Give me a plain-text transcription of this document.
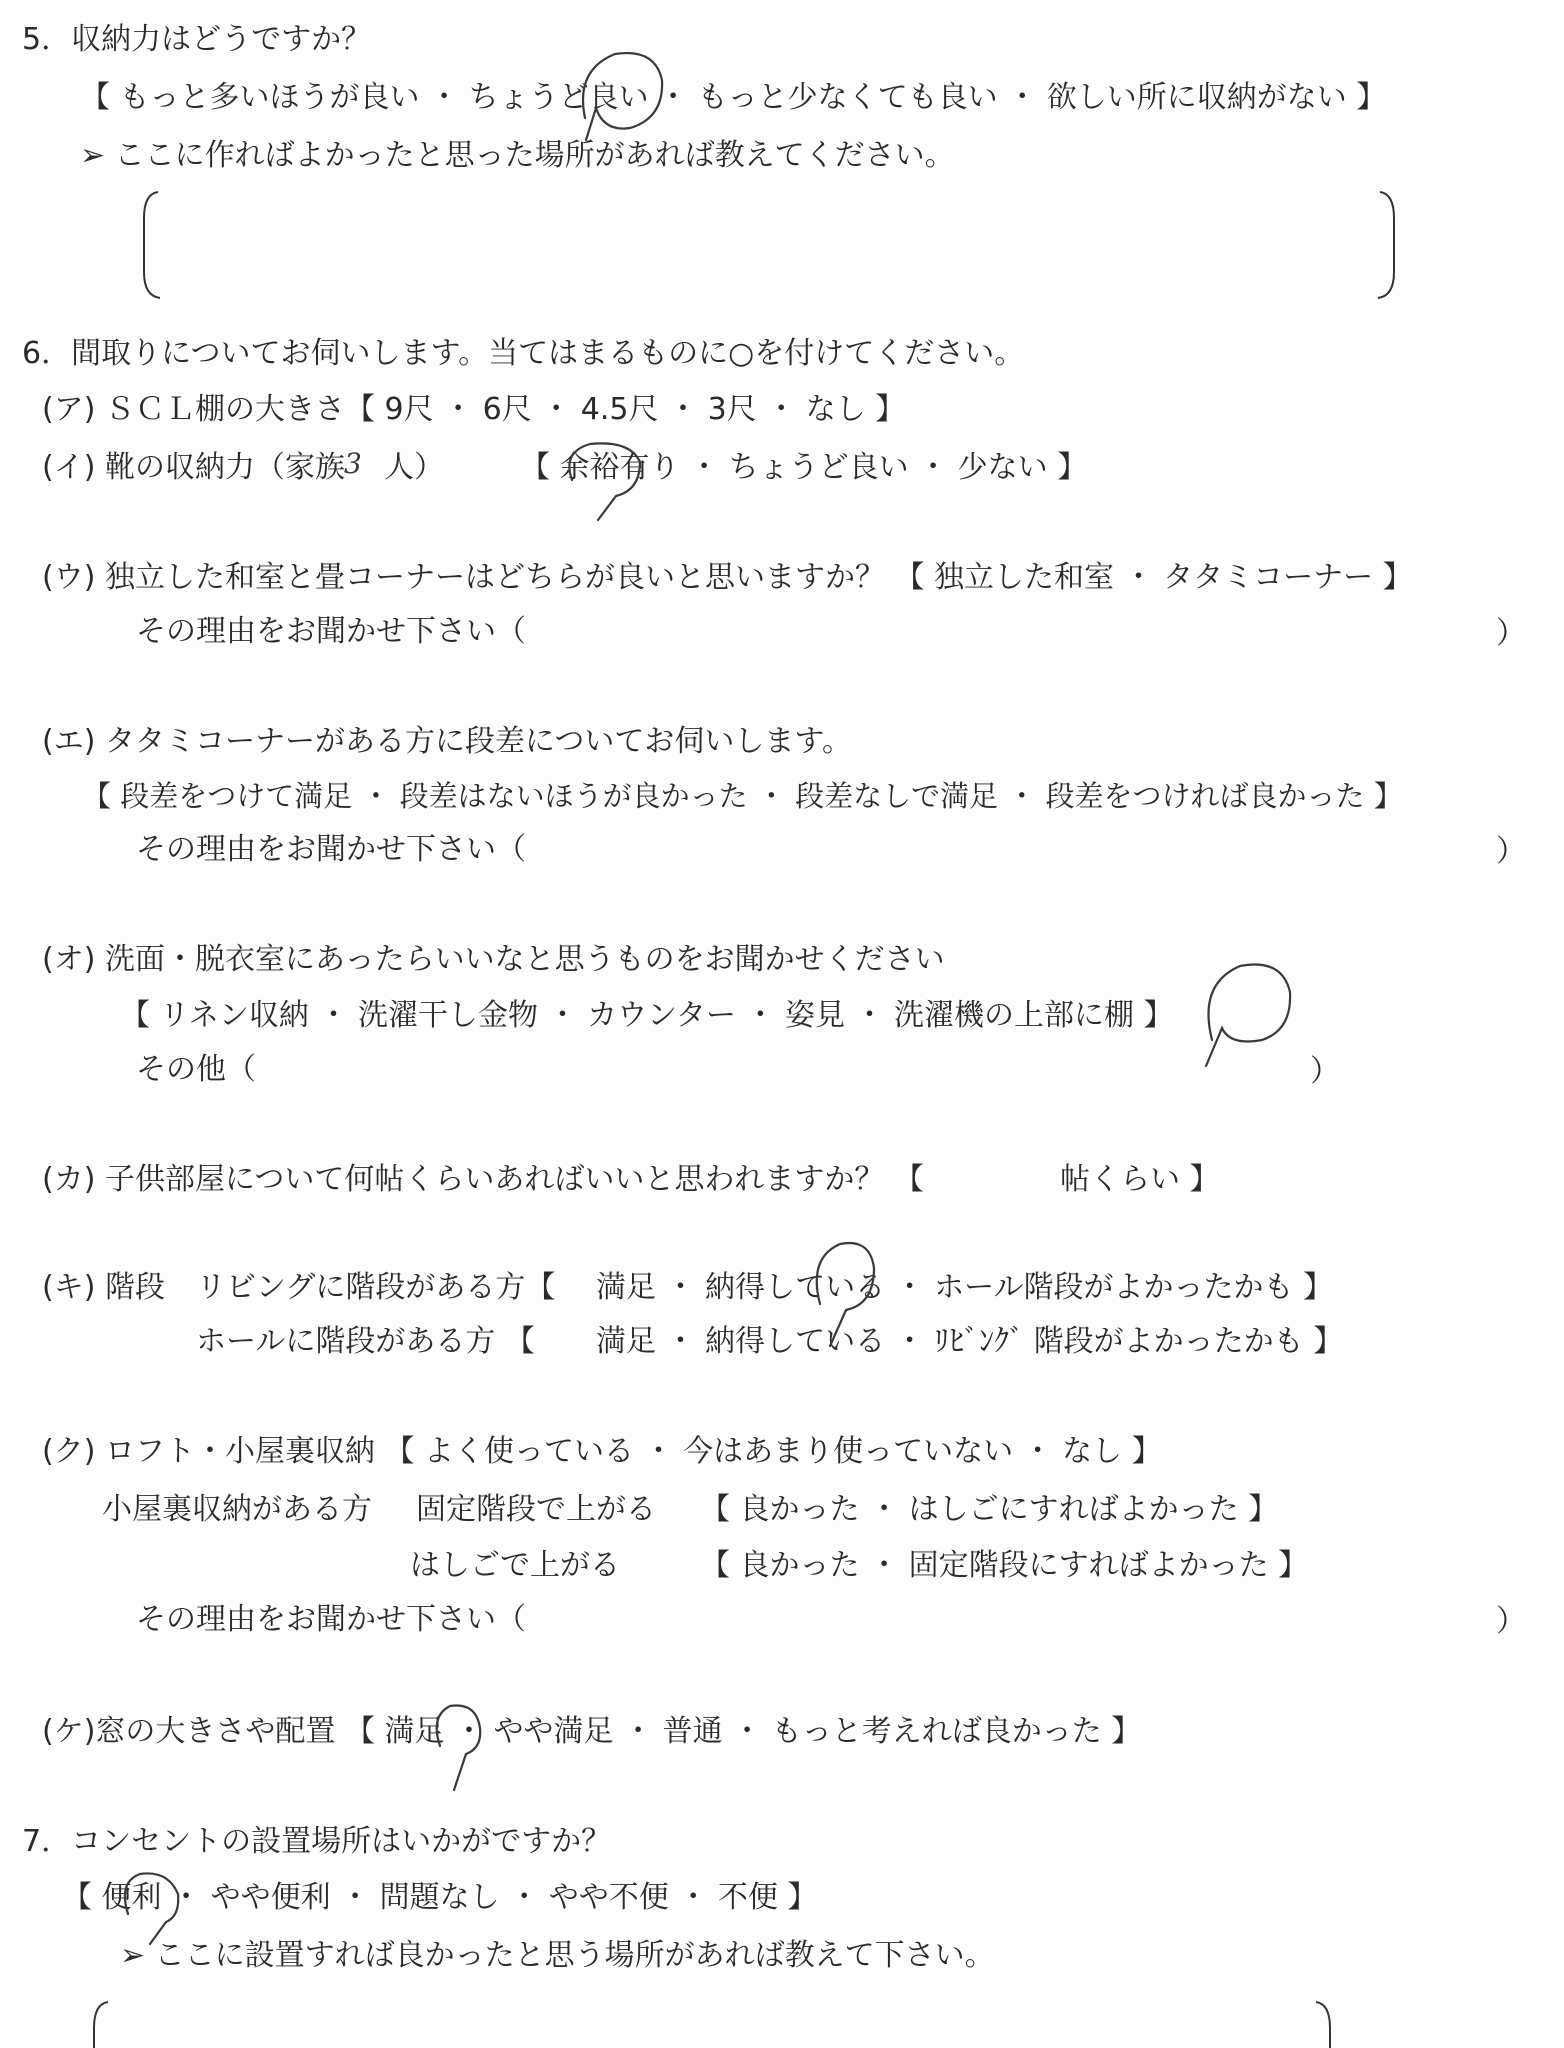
5．収納力はどうですか？
【 もっと多いほうが良い ・ ちょうど良い ・ もっと少なくても良い ・ 欲しい所に収納がない 】
➢ ここに作ればよかったと思った場所があれば教えてください。
6．間取りについてお伺いします。当てはまるものに○を付けてください。
(ア) ＳＣＬ棚の大きさ【 9尺 ・ 6尺 ・ 4.5尺 ・ 3尺 ・ なし 】
(イ) 靴の収納力（家族 3 人）	【 余裕有り ・ ちょうど良い ・ 少ない 】
(ウ) 独立した和室と畳コーナーはどちらが良いと思いますか？ 【 独立した和室 ・ タタミコーナー 】
その理由をお聞かせ下さい（	）
(エ) タタミコーナーがある方に段差についてお伺いします。
【 段差をつけて満足 ・ 段差はないほうが良かった ・ 段差なしで満足 ・ 段差をつければ良かった 】
その理由をお聞かせ下さい（	）
(オ) 洗面・脱衣室にあったらいいなと思うものをお聞かせください
【 リネン収納 ・ 洗濯干し金物 ・ カウンター ・ 姿見 ・ 洗濯機の上部に棚 】
その他（	）
(カ) 子供部屋について何帖くらいあればいいと思われますか？ 【	帖くらい 】
(キ) 階段 リビングに階段がある方【 満足 ・ 納得している ・ ホール階段がよかったかも 】
ホールに階段がある方 【 満足 ・ 納得している ・ ﾘﾋﾞﾝｸﾞ 階段がよかったかも 】
(ク) ロフト・小屋裏収納 【 よく使っている ・ 今はあまり使っていない ・ なし 】
小屋裏収納がある方 固定階段で上がる 【 良かった ・ はしごにすればよかった 】
はしごで上がる	【 良かった ・ 固定階段にすればよかった 】
その理由をお聞かせ下さい（	）
(ケ)窓の大きさや配置 【 満足 ・ やや満足 ・ 普通 ・ もっと考えれば良かった 】
7．コンセントの設置場所はいかがですか？
【 便利 ・ やや便利 ・ 問題なし ・ やや不便 ・ 不便 】
➢ ここに設置すれば良かったと思う場所があれば教えて下さい。
